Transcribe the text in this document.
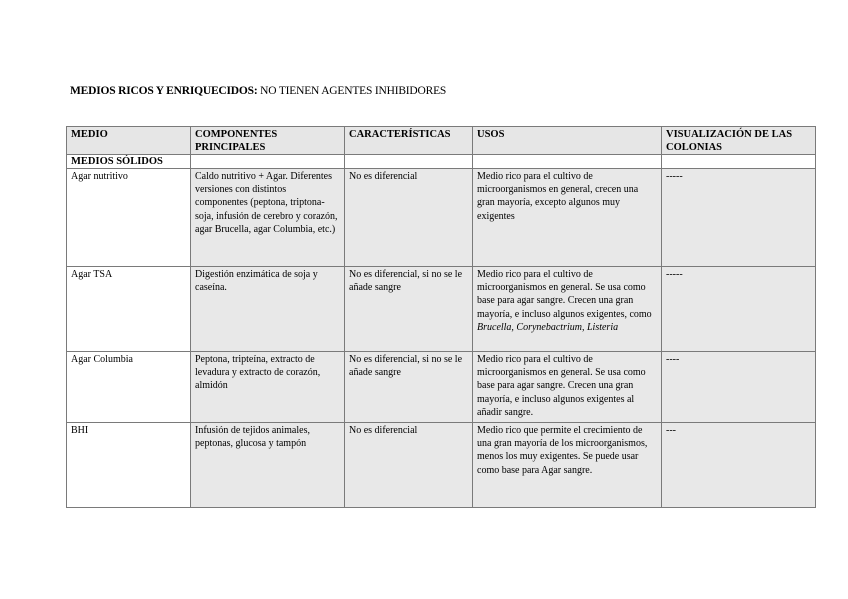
MEDIOS RICOS Y ENRIQUECIDOS: NO TIENEN AGENTES INHIBIDORES
MEDIO	COMPONENTES PRINCIPALES	CARACTERÍSTICAS	USOS	VISUALIZACIÓN DE LAS COLONIAS
MEDIOS SÓLIDOS				
Agar nutritivo	Caldo nutritivo + Agar. Diferentes versiones con distintos componentes (peptona, triptona-soja, infusión de cerebro y corazón, agar Brucella, agar Columbia, etc.)	No es diferencial	Medio rico para el cultivo de microorganismos en general, crecen una gran mayoría, excepto algunos muy exigentes	-----
Agar TSA	Digestión enzimática de soja y caseína.	No es diferencial, si no se le añade sangre	Medio rico para el cultivo de microorganismos en general. Se usa como base para agar sangre. Crecen una gran mayoría, e incluso algunos exigentes, como Brucella, Corynebactrium, Listeria	-----
Agar Columbia	Peptona, tripteína, extracto de levadura y extracto de corazón, almidón	No es diferencial, si no se le añade sangre	Medio rico para el cultivo de microorganismos en general. Se usa como base para agar sangre. Crecen una gran mayoría, e incluso algunos exigentes al añadir sangre.	----
BHI	Infusión de tejidos animales, peptonas, glucosa y tampón	No es diferencial	Medio rico que permite el crecimiento de una gran mayoría de los microorganismos, menos los muy exigentes. Se puede usar como base para Agar sangre.	---
